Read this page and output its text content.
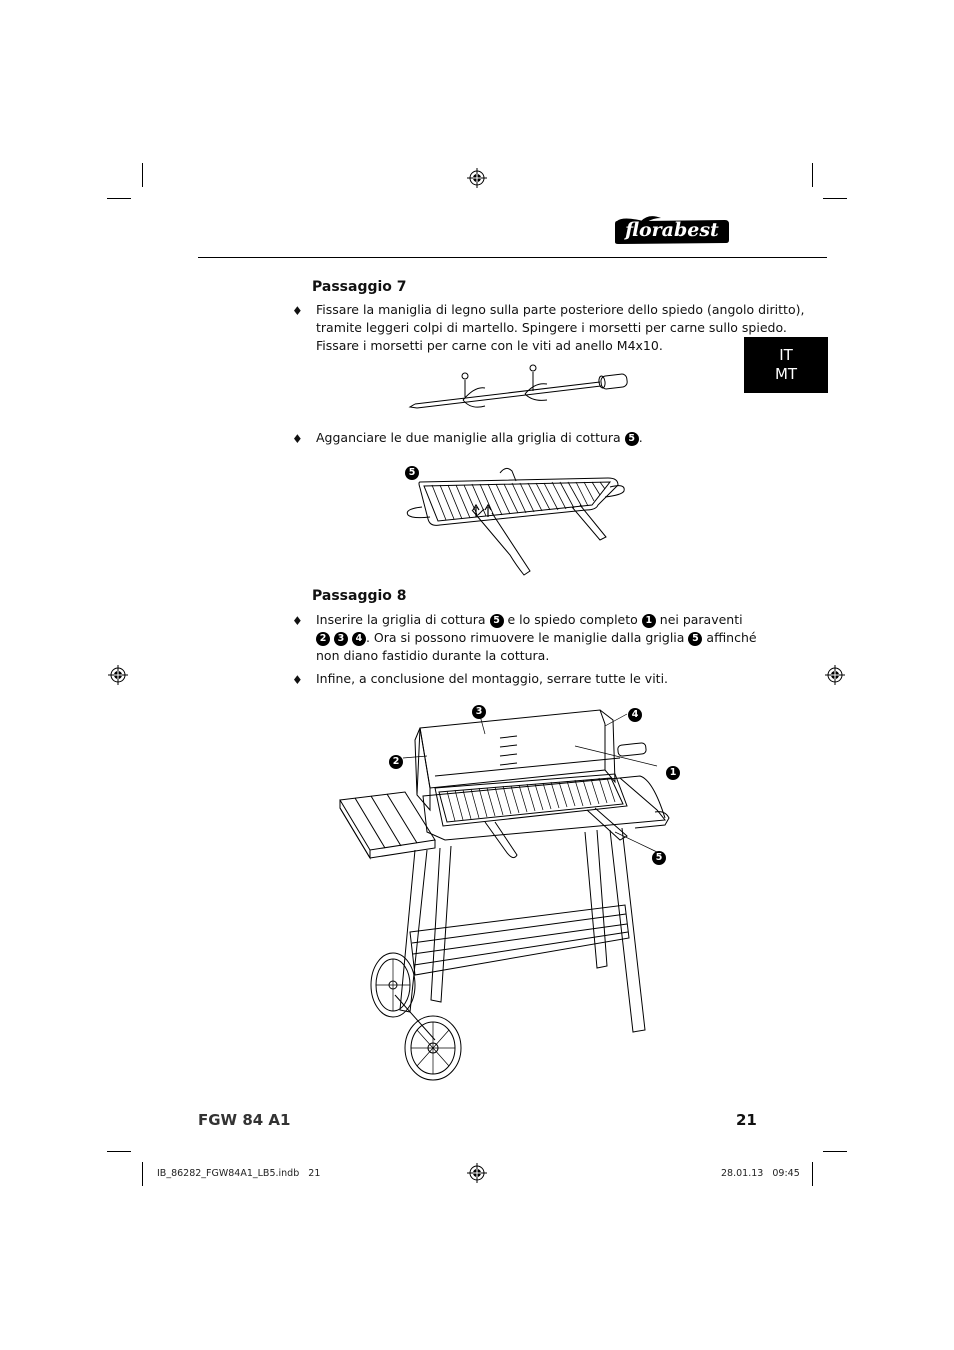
florabest
IT
MT
Passaggio 7
♦ Fissare la maniglia di legno sulla parte posteriore dello spiedo (angolo diritto),
tramite leggeri colpi di martello. Spingere i morsetti per carne sullo spiedo.
Fissare i morsetti per carne con le viti ad anello M4x10.
♦ Agganciare le due maniglie alla griglia di cottura 5 .
5
Passaggio 8
♦ Inserire la griglia di cottura 5 e lo spiedo completo 1 nei paraventi
2 3 4 . Ora si possono rimuovere le maniglie dalla griglia 5 affinché
non diano fastidio durante la cottura.
♦ Infine, a conclusione del montaggio, serrare tutte le viti.
3	4
2
1
5
FGW 84 A1	21
IB_86282_FGW84A1_LB5.indb   21	28.01.13   09:45
